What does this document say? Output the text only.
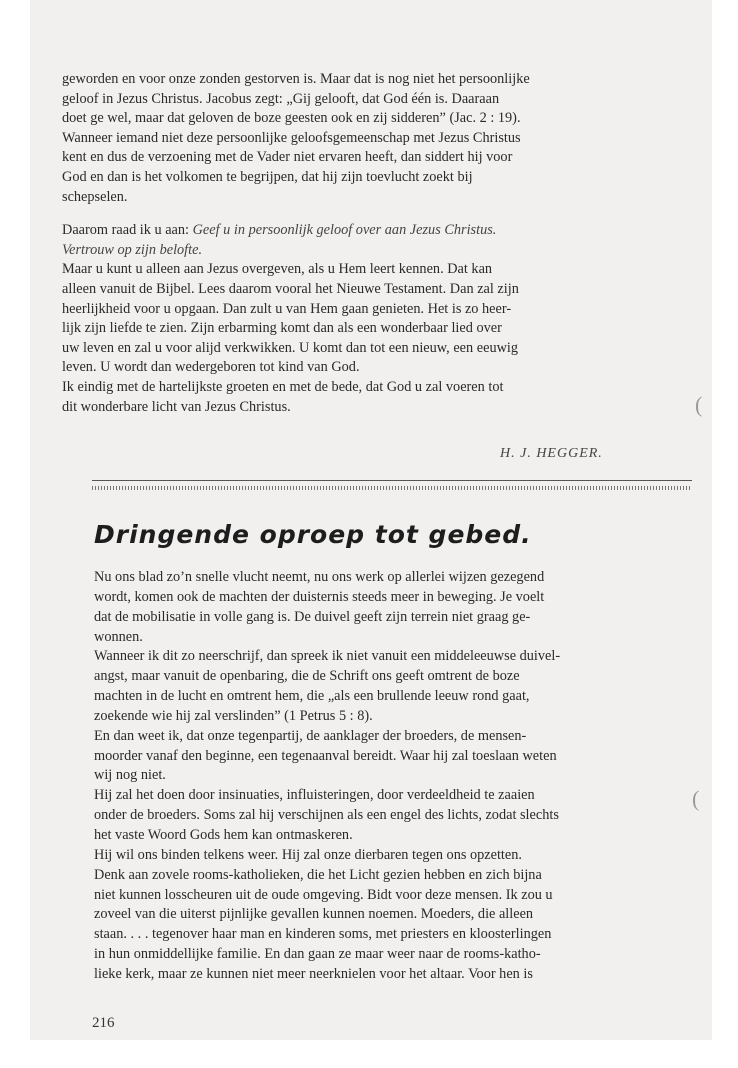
geworden en voor onze zonden gestorven is. Maar dat is nog niet het persoonlijke
geloof in Jezus Christus. Jacobus zegt: „Gij gelooft, dat God één is. Daaraan
doet ge wel, maar dat geloven de boze geesten ook en zij sidderen” (Jac. 2 : 19).
Wanneer iemand niet deze persoonlijke geloofsgemeenschap met Jezus Christus
kent en dus de verzoening met de Vader niet ervaren heeft, dan siddert hij voor
God en dan is het volkomen te begrijpen, dat hij zijn toevlucht zoekt bij
schepselen.
Daarom raad ik u aan: Geef u in persoonlijk geloof over aan Jezus Christus.
Vertrouw op zijn belofte.
Maar u kunt u alleen aan Jezus overgeven, als u Hem leert kennen. Dat kan
alleen vanuit de Bijbel. Lees daarom vooral het Nieuwe Testament. Dan zal zijn
heerlijkheid voor u opgaan. Dan zult u van Hem gaan genieten. Het is zo heer-
lijk zijn liefde te zien. Zijn erbarming komt dan als een wonderbaar lied over
uw leven en zal u voor alijd verkwikken. U komt dan tot een nieuw, een eeuwig
leven. U wordt dan wedergeboren tot kind van God.
Ik eindig met de hartelijkste groeten en met de bede, dat God u zal voeren tot
dit wonderbare licht van Jezus Christus.
H. J. HEGGER.
Dringende oproep tot gebed.
Nu ons blad zo’n snelle vlucht neemt, nu ons werk op allerlei wijzen gezegend
wordt, komen ook de machten der duisternis steeds meer in beweging. Je voelt
dat de mobilisatie in volle gang is. De duivel geeft zijn terrein niet graag ge-
wonnen.
Wanneer ik dit zo neerschrijf, dan spreek ik niet vanuit een middeleeuwse duivel-
angst, maar vanuit de openbaring, die de Schrift ons geeft omtrent de boze
machten in de lucht en omtrent hem, die „als een brullende leeuw rond gaat,
zoekende wie hij zal verslinden” (1 Petrus 5 : 8).
En dan weet ik, dat onze tegenpartij, de aanklager der broeders, de mensen-
moorder vanaf den beginne, een tegenaanval bereidt. Waar hij zal toeslaan weten
wij nog niet.
Hij zal het doen door insinuaties, influisteringen, door verdeeldheid te zaaien
onder de broeders. Soms zal hij verschijnen als een engel des lichts, zodat slechts
het vaste Woord Gods hem kan ontmaskeren.
Hij wil ons binden telkens weer. Hij zal onze dierbaren tegen ons opzetten.
Denk aan zovele rooms-katholieken, die het Licht gezien hebben en zich bijna
niet kunnen losscheuren uit de oude omgeving. Bidt voor deze mensen. Ik zou u
zoveel van die uiterst pijnlijke gevallen kunnen noemen. Moeders, die alleen
staan. . . . tegenover haar man en kinderen soms, met priesters en kloosterlingen
in hun onmiddellijke familie. En dan gaan ze maar weer naar de rooms-katho-
lieke kerk, maar ze kunnen niet meer neerknielen voor het altaar. Voor hen is
216
(
(
